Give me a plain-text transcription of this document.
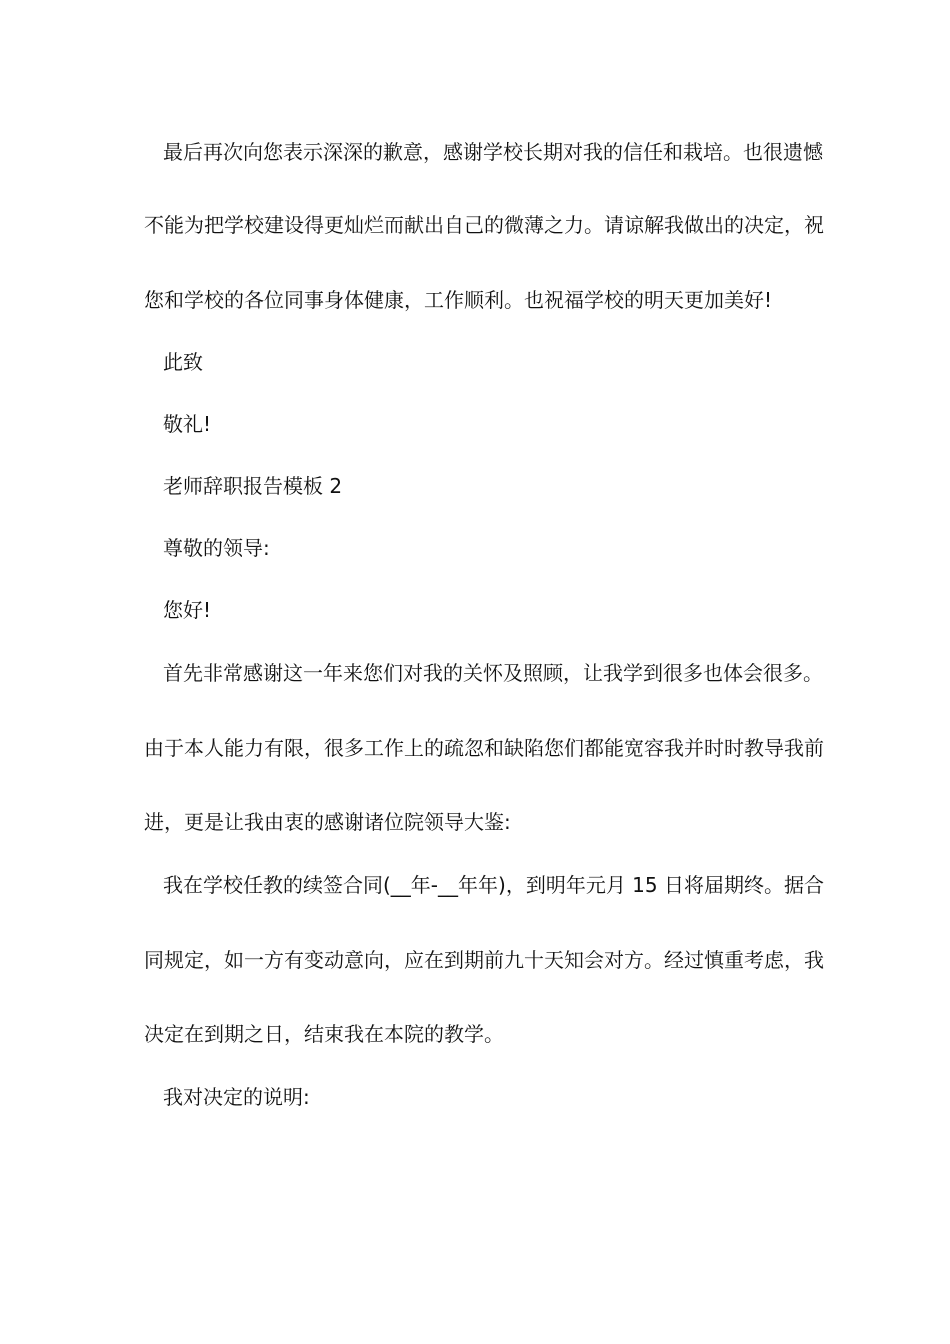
最后再次向您表示深深的歉意，感谢学校长期对我的信任和栽培。也很遗憾
不能为把学校建设得更灿烂而献出自己的微薄之力。请谅解我做出的决定，祝
您和学校的各位同事身体健康，工作顺利。也祝福学校的明天更加美好!
此致
敬礼!
老师辞职报告模板 2
尊敬的领导:
您好!
首先非常感谢这一年来您们对我的关怀及照顾，让我学到很多也体会很多。
由于本人能力有限，很多工作上的疏忽和缺陷您们都能宽容我并时时教导我前
进，更是让我由衷的感谢诸位院领导大鉴:
我在学校任教的续签合同(__年-__年年)，到明年元月 15 日将届期终。据合
同规定，如一方有变动意向，应在到期前九十天知会对方。经过慎重考虑，我
决定在到期之日，结束我在本院的教学。
我对决定的说明:
